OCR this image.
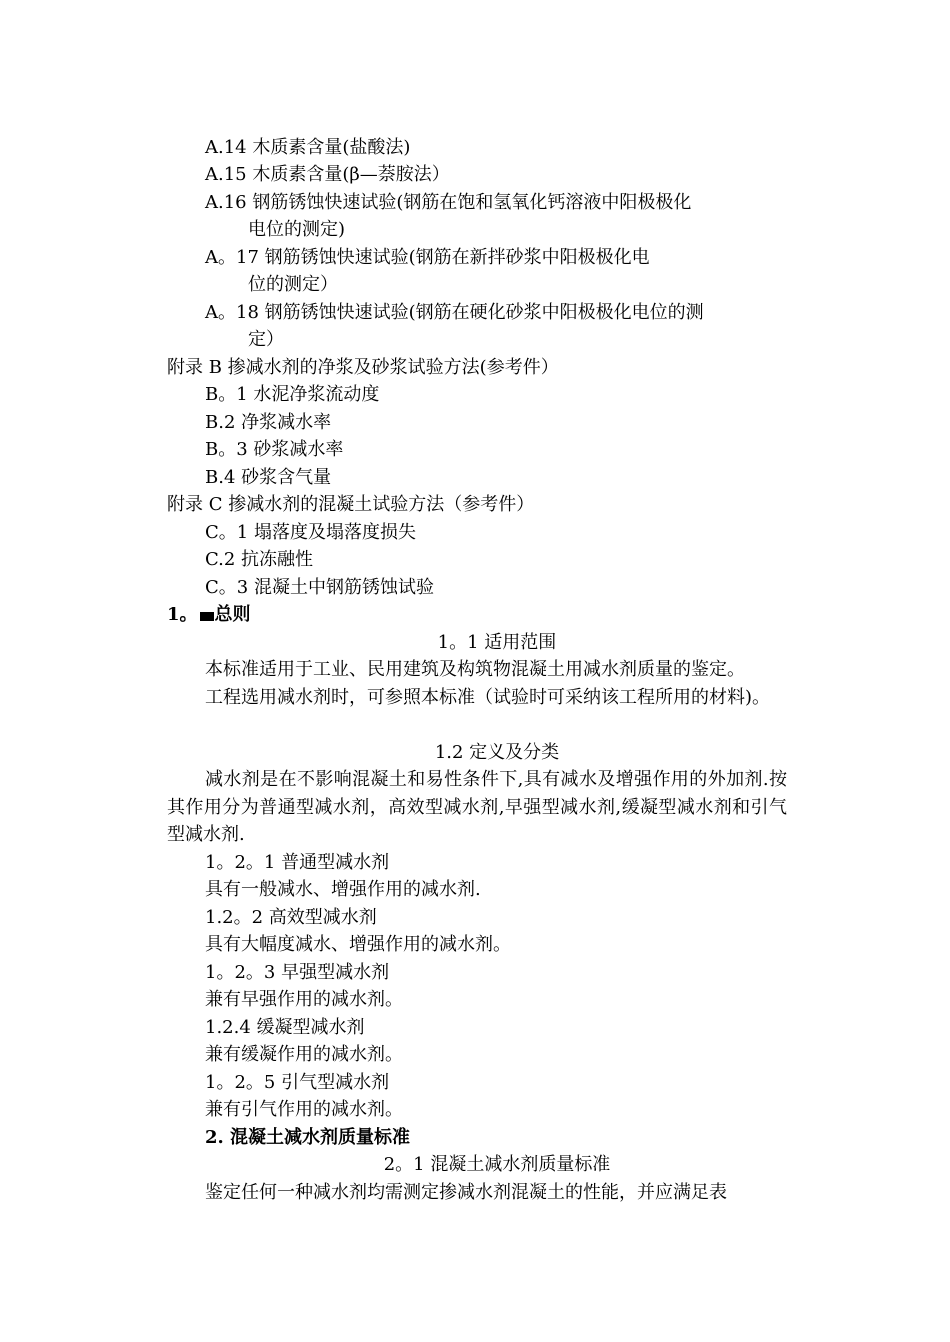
A.14 木质素含量(盐酸法)
A.15 木质素含量(β—萘胺法）
A.16 钢筋锈蚀快速试验(钢筋在饱和氢氧化钙溶液中阳极极化
电位的测定)
A。17 钢筋锈蚀快速试验(钢筋在新拌砂浆中阳极极化电
位的测定）
A。18 钢筋锈蚀快速试验(钢筋在硬化砂浆中阳极极化电位的测
定）
附录 B 掺减水剂的净浆及砂浆试验方法(参考件）
B。1 水泥净浆流动度
B.2 净浆减水率
B。3 砂浆减水率
B.4 砂浆含气量
附录 C 掺减水剂的混凝土试验方法（参考件）
C。1 塌落度及塌落度损失
C.2 抗冻融性
C。3 混凝土中钢筋锈蚀试验
1。 总则
1。1 适用范围
本标准适用于工业、民用建筑及构筑物混凝土用减水剂质量的鉴定。
工程选用减水剂时，可参照本标准（试验时可采纳该工程所用的材料)。
1.2 定义及分类
减水剂是在不影响混凝土和易性条件下,具有减水及增强作用的外加剂.按其作用分为普通型减水剂，高效型减水剂,早强型减水剂,缓凝型减水剂和引气型减水剂.
1。2。1 普通型减水剂
具有一般减水、增强作用的减水剂.
1.2。2 高效型减水剂
具有大幅度减水、增强作用的减水剂。
1。2。3 早强型减水剂
兼有早强作用的减水剂。
1.2.4 缓凝型减水剂
兼有缓凝作用的减水剂。
1。2。5 引气型减水剂
兼有引气作用的减水剂。
2. 混凝土减水剂质量标准
2。1 混凝土减水剂质量标准
鉴定任何一种减水剂均需测定掺减水剂混凝土的性能，并应满足表
